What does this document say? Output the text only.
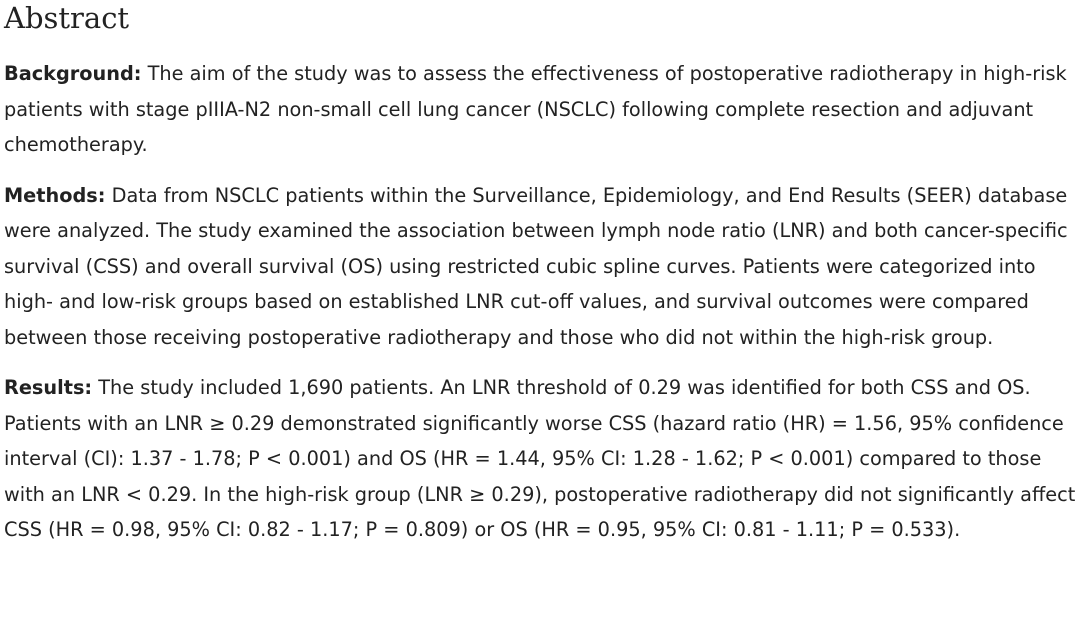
Abstract

Background: The aim of the study was to assess the effectiveness of postoperative radiotherapy in high-risk patients with stage pIIIA-N2 non-small cell lung cancer (NSCLC) following complete resection and adjuvant chemotherapy.

Methods: Data from NSCLC patients within the Surveillance, Epidemiology, and End Results (SEER) database were analyzed. The study examined the association between lymph node ratio (LNR) and both cancer-specific survival (CSS) and overall survival (OS) using restricted cubic spline curves. Patients were categorized into high- and low-risk groups based on established LNR cut-off values, and survival outcomes were compared between those receiving postoperative radiotherapy and those who did not within the high-risk group.

Results: The study included 1,690 patients. An LNR threshold of 0.29 was identified for both CSS and OS. Patients with an LNR ≥ 0.29 demonstrated significantly worse CSS (hazard ratio (HR) = 1.56, 95% confidence interval (CI): 1.37 - 1.78; P < 0.001) and OS (HR = 1.44, 95% CI: 1.28 - 1.62; P < 0.001) compared to those with an LNR < 0.29. In the high-risk group (LNR ≥ 0.29), postoperative radiotherapy did not significantly affect CSS (HR = 0.98, 95% CI: 0.82 - 1.17; P = 0.809) or OS (HR = 0.95, 95% CI: 0.81 - 1.11; P = 0.533).
